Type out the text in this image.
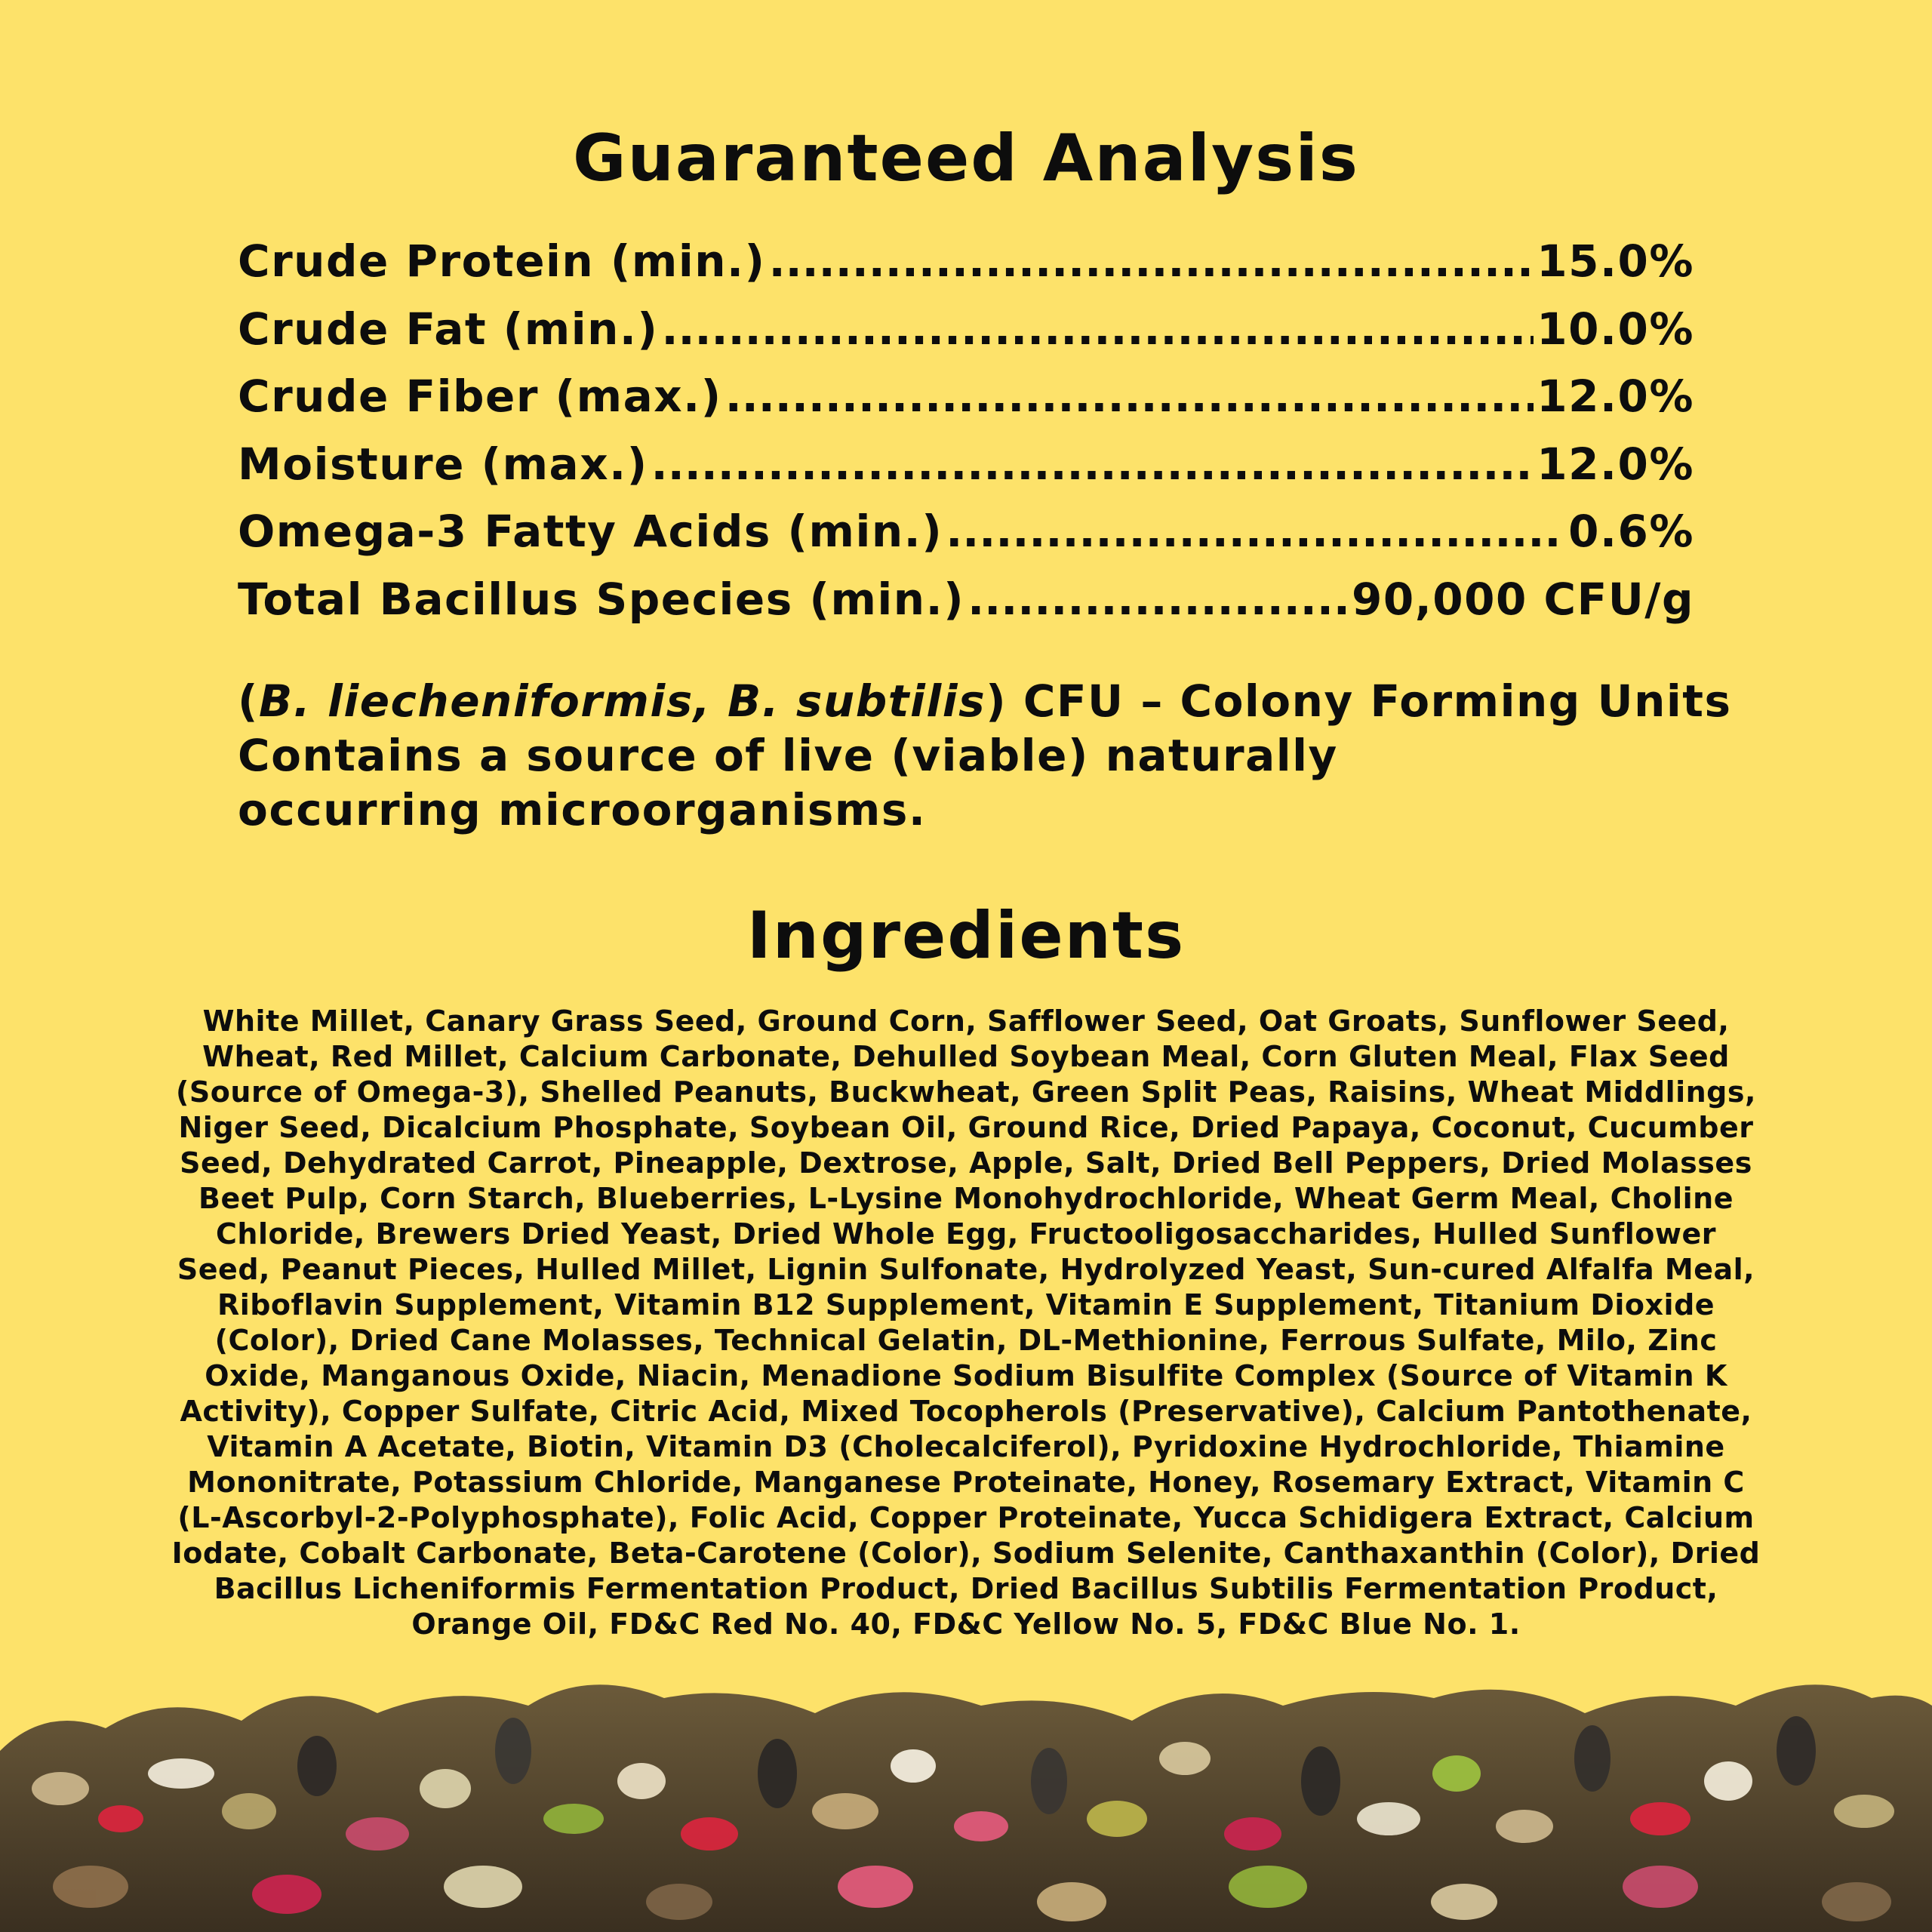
Guaranteed Analysis
Crude Protein (min.) .....	15.0%
Crude Fat (min.) .....	10.0%
Crude Fiber (max.) .....	12.0%
Moisture (max.) .....	12.0%
Omega-3 Fatty Acids (min.) .....	0.6%
Total Bacillus Species (min.) .....	90,000 CFU/g
(B. liecheniformis, B. subtilis) CFU – Colony Forming Units
Contains a source of live (viable) naturally
occurring microorganisms.
Ingredients

White Millet, Canary Grass Seed, Ground Corn, Safflower Seed, Oat Groats, Sunflower Seed, Wheat, Red Millet, Calcium Carbonate, Dehulled Soybean Meal, Corn Gluten Meal, Flax Seed (Source of Omega-3), Shelled Peanuts, Buckwheat, Green Split Peas, Raisins, Wheat Middlings, Niger Seed, Dicalcium Phosphate, Soybean Oil, Ground Rice, Dried Papaya, Coconut, Cucumber Seed, Dehydrated Carrot, Pineapple, Dextrose, Apple, Salt, Dried Bell Peppers, Dried Molasses Beet Pulp, Corn Starch, Blueberries, L-Lysine Monohydrochloride, Wheat Germ Meal, Choline Chloride, Brewers Dried Yeast, Dried Whole Egg, Fructooligosaccharides, Hulled Sunflower Seed, Peanut Pieces, Hulled Millet, Lignin Sulfonate, Hydrolyzed Yeast, Sun-cured Alfalfa Meal, Riboflavin Supplement, Vitamin B12 Supplement, Vitamin E Supplement, Titanium Dioxide (Color), Dried Cane Molasses, Technical Gelatin, DL-Methionine, Ferrous Sulfate, Milo, Zinc Oxide, Manganous Oxide, Niacin, Menadione Sodium Bisulfite Complex (Source of Vitamin K Activity), Copper Sulfate, Citric Acid, Mixed Tocopherols (Preservative), Calcium Pantothenate, Vitamin A Acetate, Biotin, Vitamin D3 (Cholecalciferol), Pyridoxine Hydrochloride, Thiamine Mononitrate, Potassium Chloride, Manganese Proteinate, Honey, Rosemary Extract, Vitamin C (L-Ascorbyl-2-Polyphosphate), Folic Acid, Copper Proteinate, Yucca Schidigera Extract, Calcium Iodate, Cobalt Carbonate, Beta-Carotene (Color), Sodium Selenite, Canthaxanthin (Color), Dried Bacillus Licheniformis Fermentation Product, Dried Bacillus Subtilis Fermentation Product, Orange Oil, FD&C Red No. 40, FD&C Yellow No. 5, FD&C Blue No. 1.
